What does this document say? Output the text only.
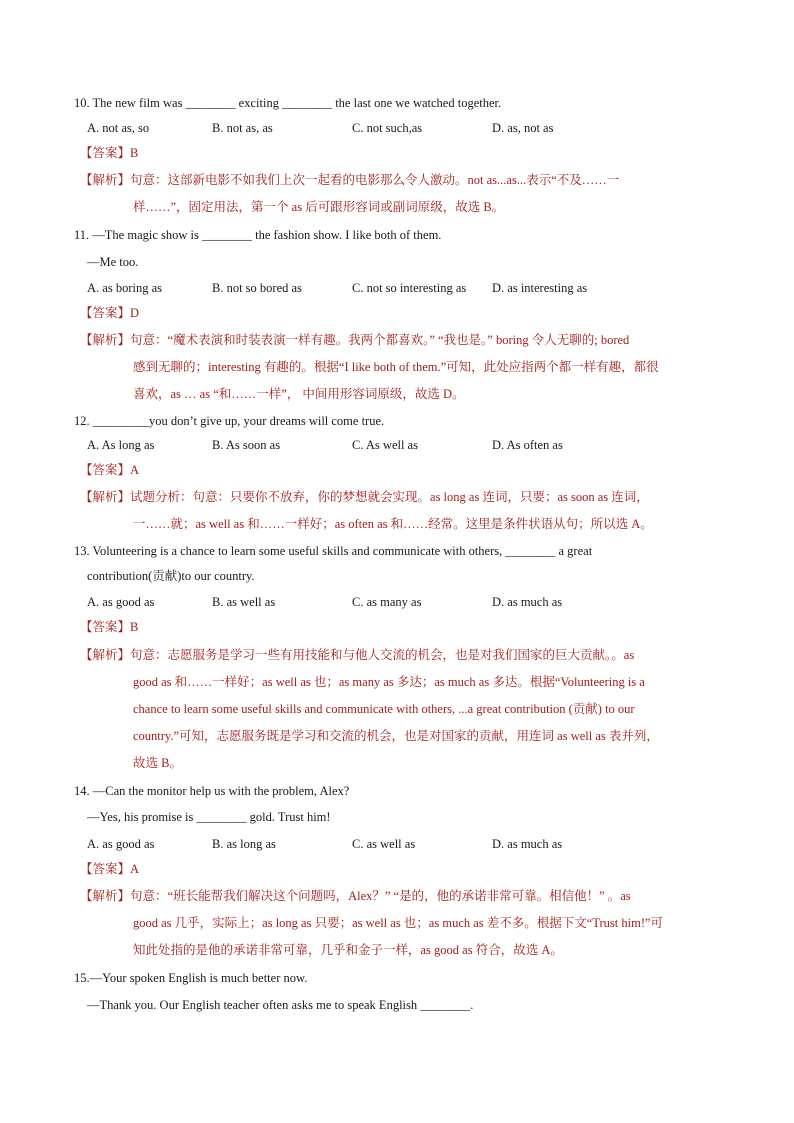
10. The new film was ________ exciting ________ the last one we watched together.
A. not as, so	B. not as, as	C. not such,as	D. as, not as
【答案】B
【解析】句意：这部新电影不如我们上次一起看的电影那么令人激动。not as...as...表示“不及……一
样……”，固定用法，第一个 as 后可跟形容词或副词原级，故选 B。
11. —The magic show is ________ the fashion show. I like both of them.
—Me too.
A. as boring as	B. not so bored as	C. not so interesting as D. as interesting as
【答案】D
【解析】句意：“魔术表演和时装表演一样有趣。我两个都喜欢。” “我也是。” boring 令人无聊的; bored
感到无聊的；interesting 有趣的。根据“I like both of them.”可知，此处应指两个都一样有趣，都很
喜欢，as … as “和……一样”， 中间用形容词原级，故选 D。
12. _________you don’t give up, your dreams will come true.
A. As long as	B. As soon as	C. As well as	D. As often as
【答案】A
【解析】试题分析：句意：只要你不放弃，你的梦想就会实现。as long as 连词，只要；as soon as 连词，
一……就；as well as 和……一样好；as often as 和……经常。这里是条件状语从句；所以选 A。
13. Volunteering is a chance to learn some useful skills and communicate with others, ________ a great
contribution(贡献)to our country.
A. as good as	B. as well as	C. as many as	D. as much as
【答案】B
【解析】句意：志愿服务是学习一些有用技能和与他人交流的机会，也是对我们国家的巨大贡献。。as
good as 和……一样好；as well as 也；as many as 多达；as much as 多达。根据“Volunteering is a
chance to learn some useful skills and communicate with others, ...a great contribution (贡献) to our
country.”可知，志愿服务既是学习和交流的机会，也是对国家的贡献，用连词 as well as 表并列，
故选 B。
14. —Can the monitor help us with the problem, Alex?
—Yes, his promise is ________ gold. Trust him!
A. as good as	B. as long as	C. as well as	D. as much as
【答案】A
【解析】句意：“班长能帮我们解决这个问题吗，Alex？” “是的，他的承诺非常可靠。相信他！” 。as
good as 几乎，实际上；as long as 只要；as well as 也；as much as 差不多。根据下文“Trust him!”可
知此处指的是他的承诺非常可靠，几乎和金子一样，as good as 符合，故选 A。
15.—Your spoken English is much better now.
—Thank you. Our English teacher often asks me to speak English ________.
